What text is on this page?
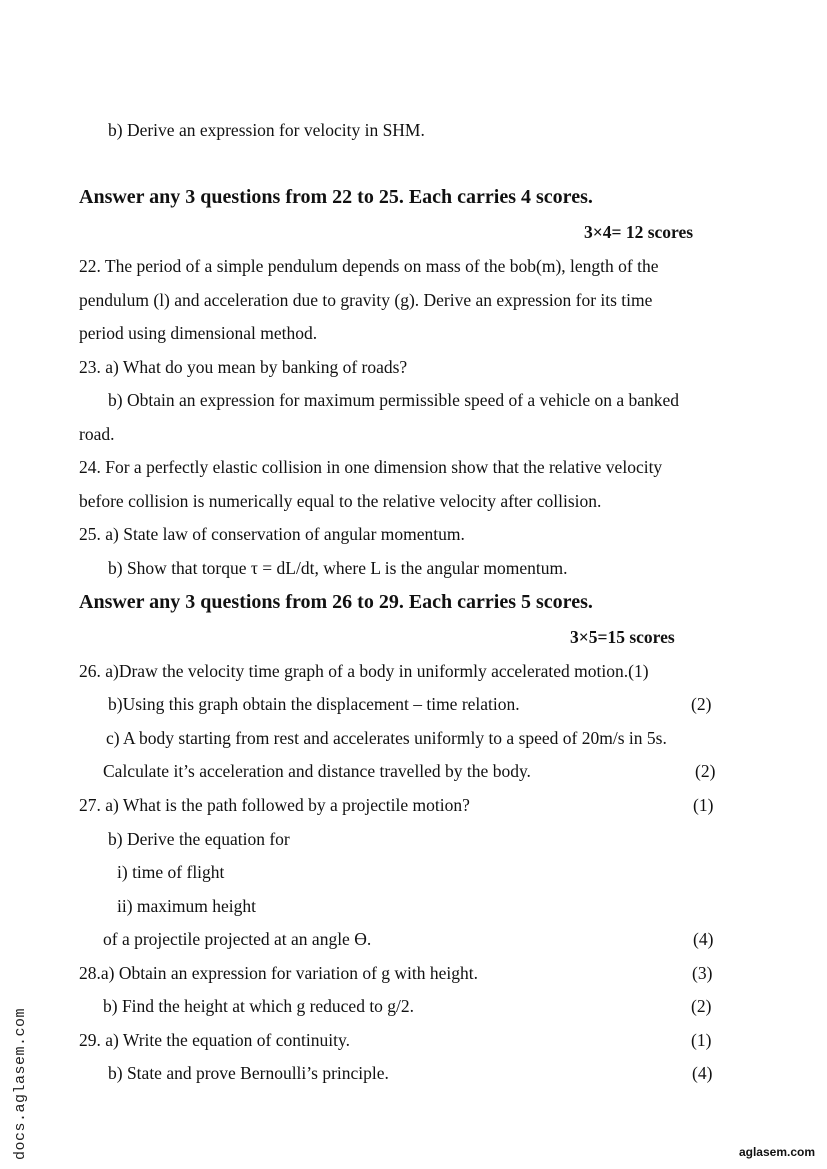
b) Derive an expression for velocity in SHM.
Answer any 3 questions from 22 to 25. Each carries 4 scores.
3×4= 12 scores
22. The period of a simple pendulum depends on mass of the bob(m), length of the
pendulum (l) and acceleration due to gravity (g). Derive an expression for its time
period using dimensional method.
23. a) What do you mean by banking of roads?
b) Obtain an expression for maximum permissible speed of a vehicle on a banked
road.
24. For a perfectly elastic collision in one dimension show that the relative velocity
before collision is numerically equal to the relative velocity after collision.
25. a) State law of conservation of angular momentum.
b) Show that torque τ = dL/dt, where L is the angular momentum.
Answer any 3 questions from 26 to 29. Each carries 5 scores.
3×5=15 scores
26. a)Draw the velocity time graph of a body in uniformly accelerated motion.(1)
b)Using this graph obtain the displacement – time relation.	(2)
c) A body starting from rest and accelerates uniformly to a speed of 20m/s in 5s.
Calculate it’s acceleration and distance travelled by the body.	(2)
27. a) What is the path followed by a projectile motion?	(1)
b) Derive the equation for
i) time of flight
ii) maximum height
of a projectile projected at an angle Ɵ.	(4)
28.a) Obtain an expression for variation of g with height.	(3)
b) Find the height at which g reduced to g/2.	(2)
29. a) Write the equation of continuity.	(1)
b) State and prove Bernoulli’s principle.	(4)
docs.aglasem.com	aglasem.com
